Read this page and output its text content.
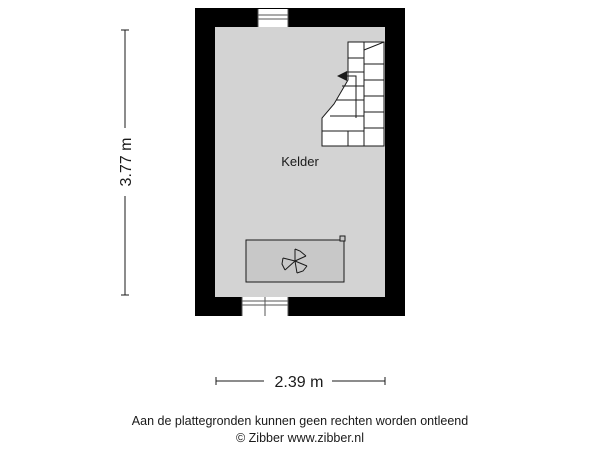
Kelder
3.77 m
2.39 m
Aan de plattegronden kunnen geen rechten worden ontleend
© Zibber www.zibber.nl
